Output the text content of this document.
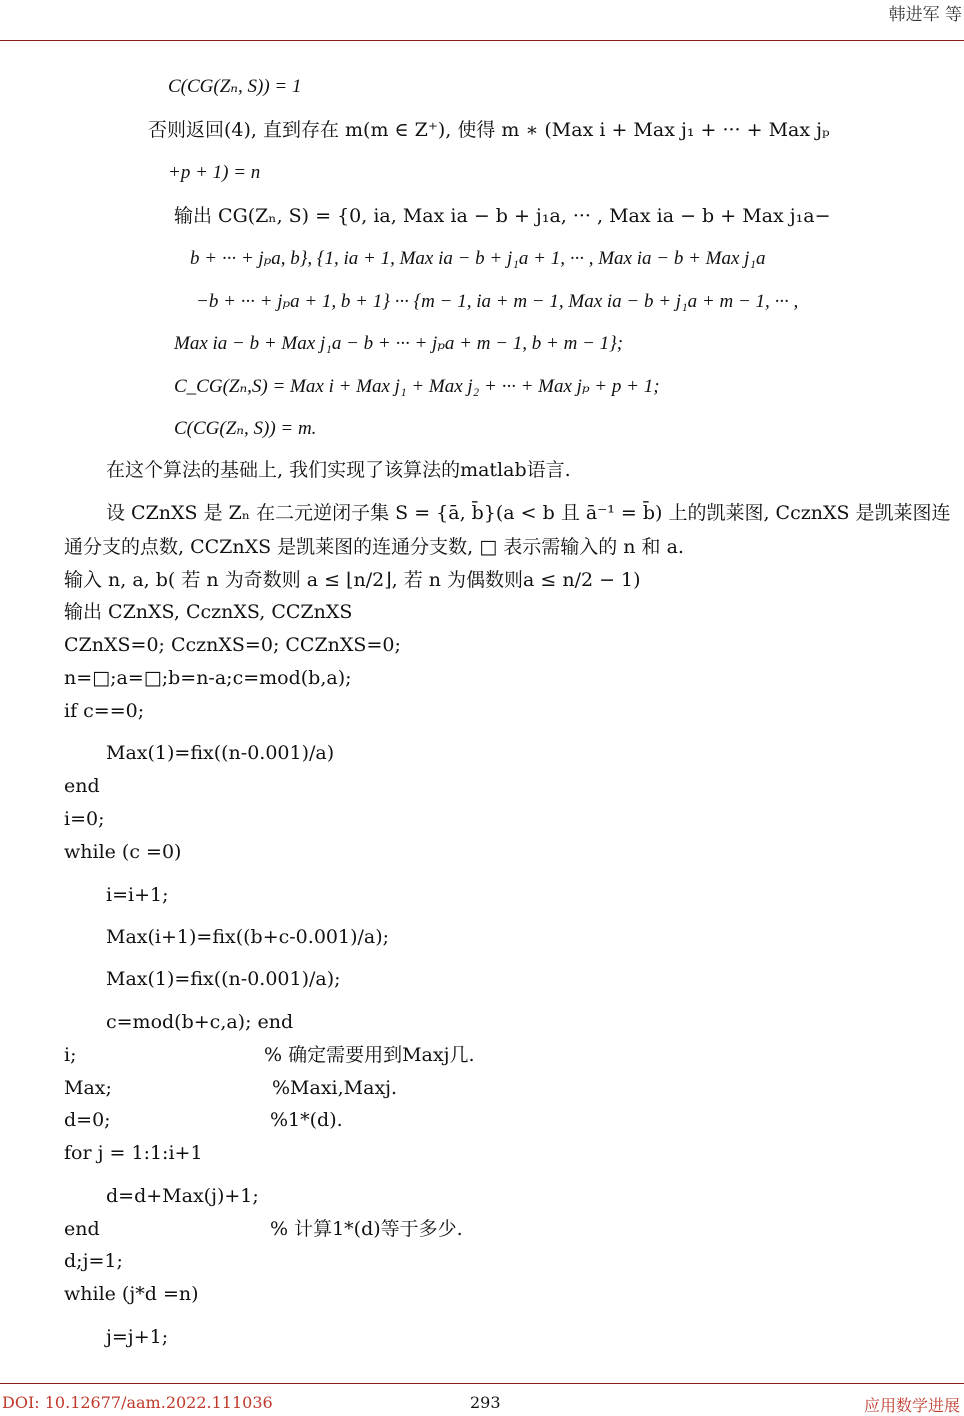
韩进军 等
C(CG(Zₙ, S)) = 1
否则返回(4), 直到存在 m(m ∈ Z⁺), 使得 m ∗ (Max i + Max j₁ + ··· + Max jₚ
+p + 1) = n
输出 CG(Zₙ, S) = {0, ia, Max ia − b + j₁a, ··· , Max ia − b + Max j₁a−
b + ··· + jₚa, b}, {1, ia + 1, Max ia − b + j₁a + 1, ··· , Max ia − b + Max j₁a
−b + ··· + jₚa + 1, b + 1} ··· {m − 1, ia + m − 1, Max ia − b + j₁a + m − 1, ··· ,
Max ia − b + Max j₁a − b + ··· + jₚa + m − 1, b + m − 1};
C_CG(Zₙ,S) = Max i + Max j₁ + Max j₂ + ··· + Max jₚ + p + 1;
C(CG(Zₙ, S)) = m.
在这个算法的基础上, 我们实现了该算法的matlab语言.
设 CZnXS 是 Zₙ 在二元逆闭子集 S = {ā, b̄}(a < b 且 ā⁻¹ = b̄) 上的凯莱图, CcznXS 是凯莱图连
通分支的点数, CCZnXS 是凯莱图的连通分支数, □ 表示需输入的 n 和 a.
输入 n, a, b( 若 n 为奇数则 a ≤ ⌊n/2⌋, 若 n 为偶数则a ≤ n/2 − 1)
输出 CZnXS, CcznXS, CCZnXS
CZnXS=0; CcznXS=0; CCZnXS=0;
n=□;a=□;b=n-a;c=mod(b,a);
if c==0;
Max(1)=fix((n-0.001)/a)
end
i=0;
while (c =0)
i=i+1;
Max(i+1)=fix((b+c-0.001)/a);
Max(1)=fix((n-0.001)/a);
c=mod(b+c,a); end
i;	% 确定需要用到Maxj几.
Max;	%Maxi,Maxj.
d=0;	%1*(d).
for j = 1:1:i+1
d=d+Max(j)+1;
end	% 计算1*(d)等于多少.
d;j=1;
while (j*d =n)
j=j+1;
DOI: 10.12677/aam.2022.111036	293	应用数学进展
